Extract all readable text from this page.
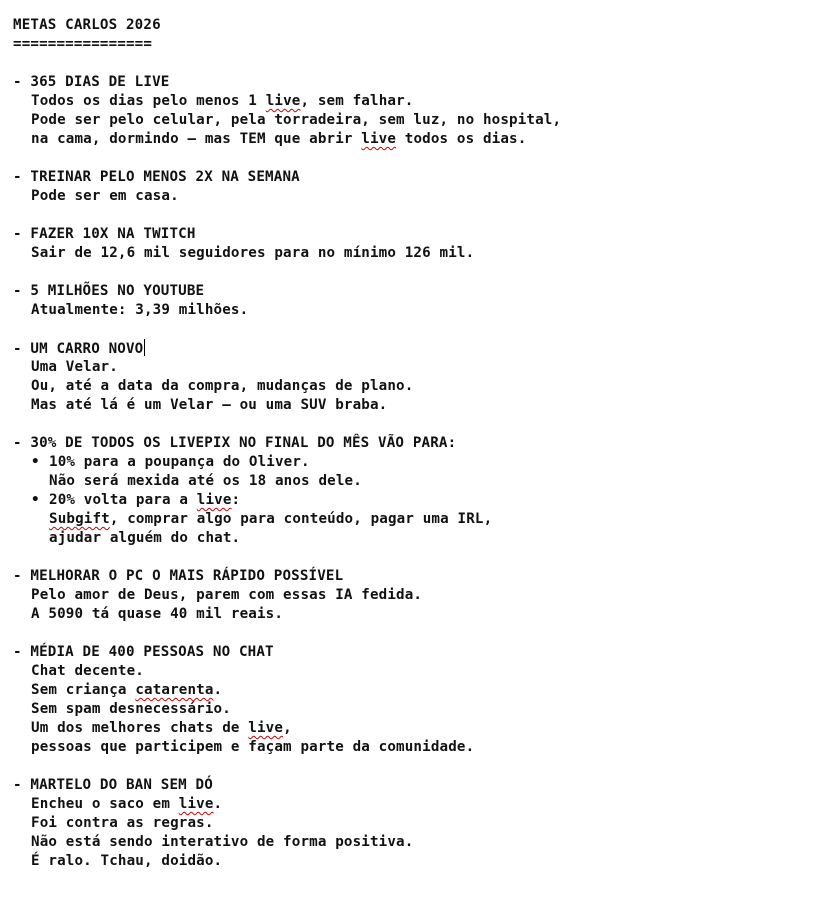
METAS CARLOS 2026
================
- 365 DIAS DE LIVE
Todos os dias pelo menos 1 live, sem falhar.
Pode ser pelo celular, pela torradeira, sem luz, no hospital,
na cama, dormindo — mas TEM que abrir live todos os dias.
- TREINAR PELO MENOS 2X NA SEMANA
Pode ser em casa.
- FAZER 10X NA TWITCH
Sair de 12,6 mil seguidores para no mínimo 126 mil.
- 5 MILHÕES NO YOUTUBE
Atualmente: 3,39 milhões.
- UM CARRO NOVO
Uma Velar.
Ou, até a data da compra, mudanças de plano.
Mas até lá é um Velar — ou uma SUV braba.
- 30% DE TODOS OS LIVEPIX NO FINAL DO MÊS VÃO PARA:
• 10% para a poupança do Oliver.
Não será mexida até os 18 anos dele.
• 20% volta para a live:
Subgift, comprar algo para conteúdo, pagar uma IRL,
ajudar alguém do chat.
- MELHORAR O PC O MAIS RÁPIDO POSSÍVEL
Pelo amor de Deus, parem com essas IA fedida.
A 5090 tá quase 40 mil reais.
- MÉDIA DE 400 PESSOAS NO CHAT
Chat decente.
Sem criança catarenta.
Sem spam desnecessário.
Um dos melhores chats de live,
pessoas que participem e façam parte da comunidade.
- MARTELO DO BAN SEM DÓ
Encheu o saco em live.
Foi contra as regras.
Não está sendo interativo de forma positiva.
É ralo. Tchau, doidão.
